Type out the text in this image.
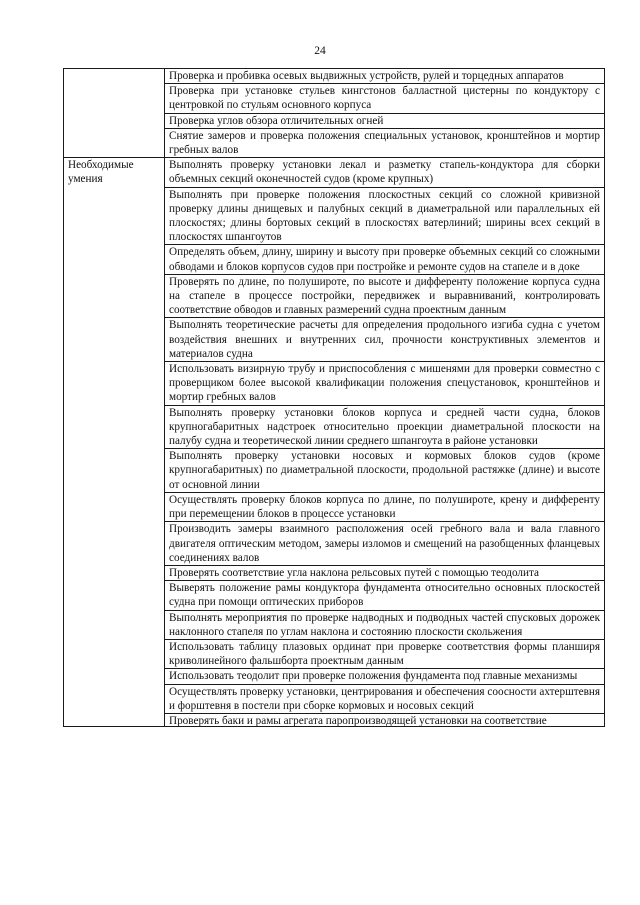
24
	Проверка и пробивка осевых выдвижных устройств, рулей и торцедных аппаратов
	Проверка при установке стульев кингстонов балластной цистерны по кондуктору с центровкой по стульям основного корпуса
	Проверка углов обзора отличительных огней
	Снятие замеров и проверка положения специальных установок, кронштейнов и мортир гребных валов
Необходимые умения	Выполнять проверку установки лекал и разметку стапель-кондуктора для сборки объемных секций оконечностей судов (кроме крупных)
	Выполнять при проверке положения плоскостных секций со сложной кривизной проверку длины днищевых и палубных секций в диаметральной или параллельных ей плоскостях; длины бортовых секций в плоскостях ватерлиний; ширины всех секций в плоскостях шпангоутов
	Определять объем, длину, ширину и высоту при проверке объемных секций со сложными обводами и блоков корпусов судов при постройке и ремонте судов на стапеле и в доке
	Проверять по длине, по полушироте, по высоте и дифференту положение корпуса судна на стапеле в процессе постройки, передвижек и выравниваний, контролировать соответствие обводов и главных размерений судна проектным данным
	Выполнять теоретические расчеты для определения продольного изгиба судна с учетом воздействия внешних и внутренних сил, прочности конструктивных элементов и материалов судна
	Использовать визирную трубу и приспособления с мишенями для проверки совместно с проверщиком более высокой квалификации положения спецустановок, кронштейнов и мортир гребных валов
	Выполнять проверку установки блоков корпуса и средней части судна, блоков крупногабаритных надстроек относительно проекции диаметральной плоскости на палубу судна и теоретической линии среднего шпангоута в районе установки
	Выполнять проверку установки носовых и кормовых блоков судов (кроме крупногабаритных) по диаметральной плоскости, продольной растяжке (длине) и высоте от основной линии
	Осуществлять проверку блоков корпуса по длине, по полушироте, крену и дифференту при перемещении блоков в процессе установки
	Производить замеры взаимного расположения осей гребного вала и вала главного двигателя оптическим методом, замеры изломов и смещений на разобщенных фланцевых соединениях валов
	Проверять соответствие угла наклона рельсовых путей с помощью теодолита
	Выверять положение рамы кондуктора фундамента относительно основных плоскостей судна при помощи оптических приборов
	Выполнять мероприятия по проверке надводных и подводных частей спусковых дорожек наклонного стапеля по углам наклона и состоянию плоскости скольжения
	Использовать таблицу плазовых ординат при проверке соответствия формы планширя криволинейного фальшборта проектным данным
	Использовать теодолит при проверке положения фундамента под главные механизмы
	Осуществлять проверку установки, центрирования и обеспечения соосности ахтерштевня и форштевня в постели при сборке кормовых и носовых секций

	Проверять баки и рамы агрегата паропроизводящей установки на соответствие
